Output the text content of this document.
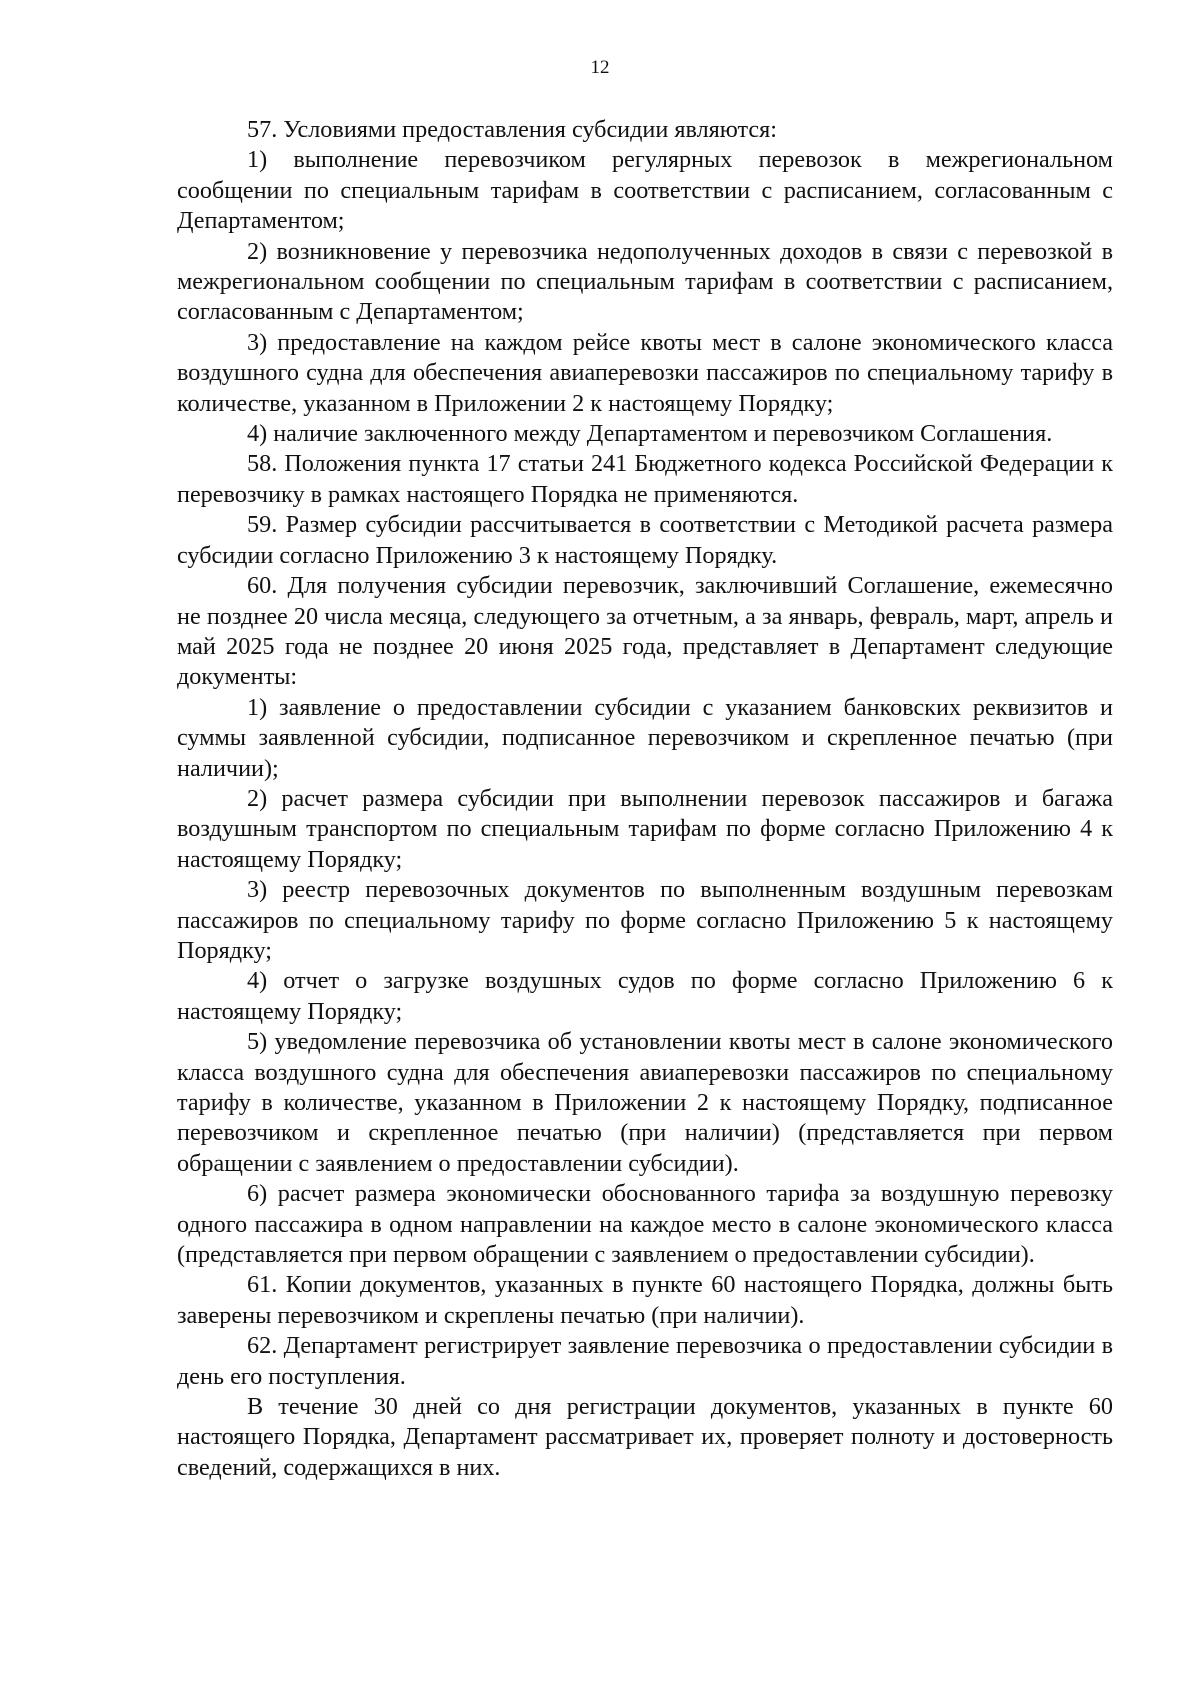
12

57. Условиями предоставления субсидии являются:

1) выполнение перевозчиком регулярных перевозок в межрегиональном сообщении по специальным тарифам в соответствии с расписанием, согласованным с Департаментом;

2) возникновение у перевозчика недополученных доходов в связи с перевозкой в межрегиональном сообщении по специальным тарифам в соответствии с расписанием, согласованным с Департаментом;

3) предоставление на каждом рейсе квоты мест в салоне экономического класса воздушного судна для обеспечения авиаперевозки пассажиров по специальному тарифу в количестве, указанном в Приложении 2 к настоящему Порядку;

4) наличие заключенного между Департаментом и перевозчиком Соглашения.

58. Положения пункта 17 статьи 241 Бюджетного кодекса Российской Федерации к перевозчику в рамках настоящего Порядка не применяются.

59. Размер субсидии рассчитывается в соответствии с Методикой расчета размера субсидии согласно Приложению 3 к настоящему Порядку.

60. Для получения субсидии перевозчик, заключивший Соглашение, ежемесячно не позднее 20 числа месяца, следующего за отчетным, а за январь, февраль, март, апрель и май 2025 года не позднее 20 июня 2025 года, представляет в Департамент следующие документы:

1) заявление о предоставлении субсидии с указанием банковских реквизитов и суммы заявленной субсидии, подписанное перевозчиком и скрепленное печатью (при наличии);

2) расчет размера субсидии при выполнении перевозок пассажиров и багажа воздушным транспортом по специальным тарифам по форме согласно Приложению 4 к настоящему Порядку;

3) реестр перевозочных документов по выполненным воздушным перевозкам пассажиров по специальному тарифу по форме согласно Приложению 5 к настоящему Порядку;

4) отчет о загрузке воздушных судов по форме согласно Приложению 6 к настоящему Порядку;

5) уведомление перевозчика об установлении квоты мест в салоне экономического класса воздушного судна для обеспечения авиаперевозки пассажиров по специальному тарифу в количестве, указанном в Приложении 2 к настоящему Порядку, подписанное перевозчиком и скрепленное печатью (при наличии) (представляется при первом обращении с заявлением о предоставлении субсидии).

6) расчет размера экономически обоснованного тарифа за воздушную перевозку одного пассажира в одном направлении на каждое место в салоне экономического класса (представляется при первом обращении с заявлением о предоставлении субсидии).

61. Копии документов, указанных в пункте 60 настоящего Порядка, должны быть заверены перевозчиком и скреплены печатью (при наличии).

62. Департамент регистрирует заявление перевозчика о предоставлении субсидии в день его поступления.

В течение 30 дней со дня регистрации документов, указанных в пункте 60 настоящего Порядка, Департамент рассматривает их, проверяет полноту и достоверность сведений, содержащихся в них.
